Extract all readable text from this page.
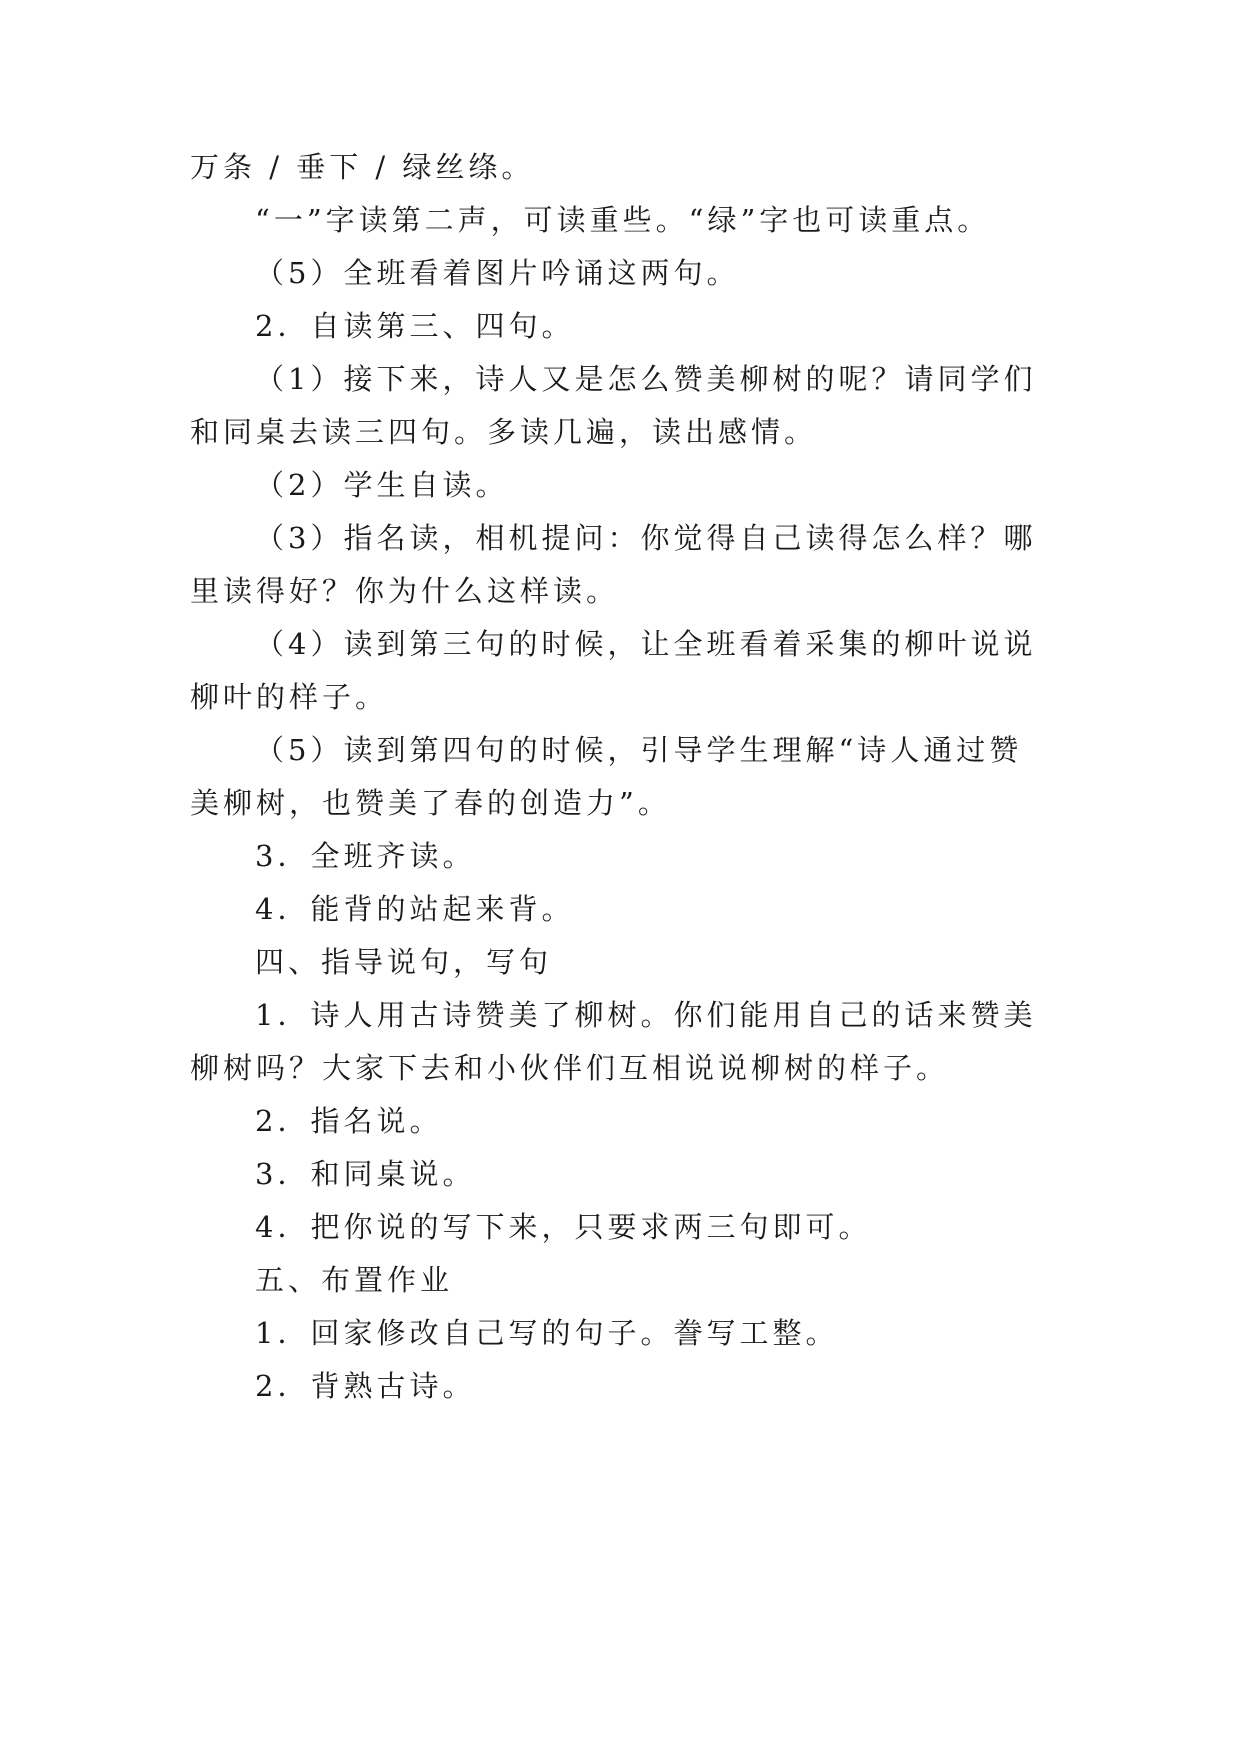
万条 / 垂下 / 绿丝绦。
“一”字读第二声，可读重些。“绿”字也可读重点。
（5）全班看着图片吟诵这两句。
2．自读第三、四句。
（1）接下来，诗人又是怎么赞美柳树的呢？请同学们
和同桌去读三四句。多读几遍，读出感情。
（2）学生自读。
（3）指名读，相机提问：你觉得自己读得怎么样？哪
里读得好？你为什么这样读。
（4）读到第三句的时候，让全班看着采集的柳叶说说
柳叶的样子。
（5）读到第四句的时候，引导学生理解“诗人通过赞
美柳树，也赞美了春的创造力”。
3．全班齐读。
4．能背的站起来背。
四、指导说句，写句
1．诗人用古诗赞美了柳树。你们能用自己的话来赞美
柳树吗？大家下去和小伙伴们互相说说柳树的样子。
2．指名说。
3．和同桌说。
4．把你说的写下来，只要求两三句即可。
五、布置作业
1．回家修改自己写的句子。誊写工整。
2．背熟古诗。
